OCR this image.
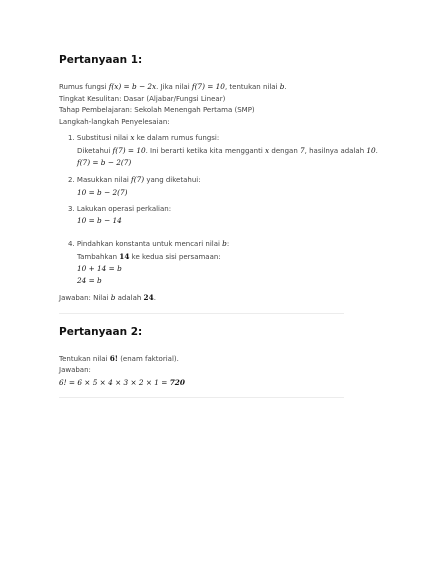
Pertanyaan 1:
Rumus fungsi f(x) = b − 2x. Jika nilai f(7) = 10, tentukan nilai b.
Tingkat Kesulitan: Dasar (Aljabar/Fungsi Linear)
Tahap Pembelajaran: Sekolah Menengah Pertama (SMP)
Langkah-langkah Penyelesaian:
1. Substitusi nilai x ke dalam rumus fungsi:
Diketahui f(7) = 10. Ini berarti ketika kita mengganti x dengan 7, hasilnya adalah 10.
f(7) = b − 2(7)
2. Masukkan nilai f(7) yang diketahui:
10 = b − 2(7)
3. Lakukan operasi perkalian:
10 = b − 14
4. Pindahkan konstanta untuk mencari nilai b:
Tambahkan 14 ke kedua sisi persamaan:
10 + 14 = b
24 = b
Jawaban: Nilai b adalah 24.
Pertanyaan 2:
Tentukan nilai 6! (enam faktorial).
Jawaban:
6! = 6 × 5 × 4 × 3 × 2 × 1 = 720
